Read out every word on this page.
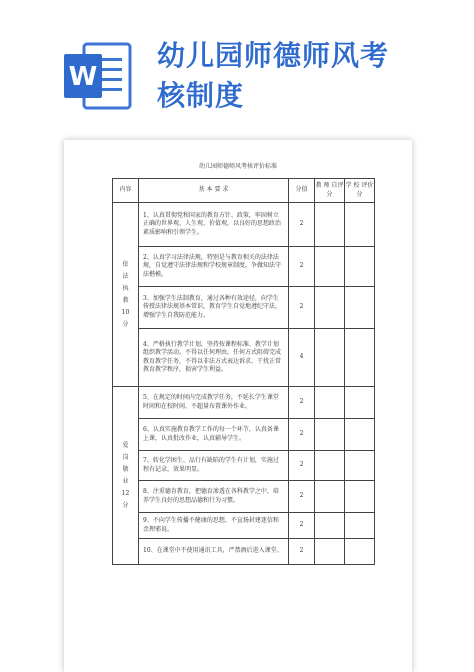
W
幼儿园师德师风考
核制度
幼儿园师德师风考核评价标准
内容	基 本 要 求	分值	教 师 自评分	学 校 评价分

依法执教10分	1、认真贯彻党和国家的教育方针、政策，牢固树立正确的世界观、人生观、价值观，以良好的思想政治素质影响和引领学生。	2		
	2、认真学习法律法规，特别是与教育相关的法律法规，自觉遵守法律法规和学校规章制度，争做知法守法楷模。	2		
	3、加强学生法制教育，通过各种有效途径，向学生传授法律法规基本常识，教育学生自觉地遵纪守法，增强学生自我防范能力。	2		
	4、严格执行教学计划，坚持按课程标准、教学计划组织教学活动。不得以任何理由，任何方式阻碍完成教育教学任务，不得以非法方式表达诉求、干扰正常教育教学秩序，损害学生利益。	4		

爱岗敬业12分	5、在规定的时间内完成教学任务，不延长学生课堂时间和在校时间，不超量布置课外作业。	2		
	6、认真实施教育教学工作的每一个环节，认真备课上课，认真批改作业，认真辅导学生。	2		
	7、转化学困生、品行有缺陷的学生有计划，实施过程有记录，效果明显。	2		
	8、注重德育教育，把德育渗透在各科教学之中，培养学生良好的思想品德和行为习惯。	2		
	9、不向学生传播不健康的思想，不宣扬封建迷信和歪理邪说。	2		
	10、在课堂中不使用通讯工具，严禁酒后进入课堂。	2		
